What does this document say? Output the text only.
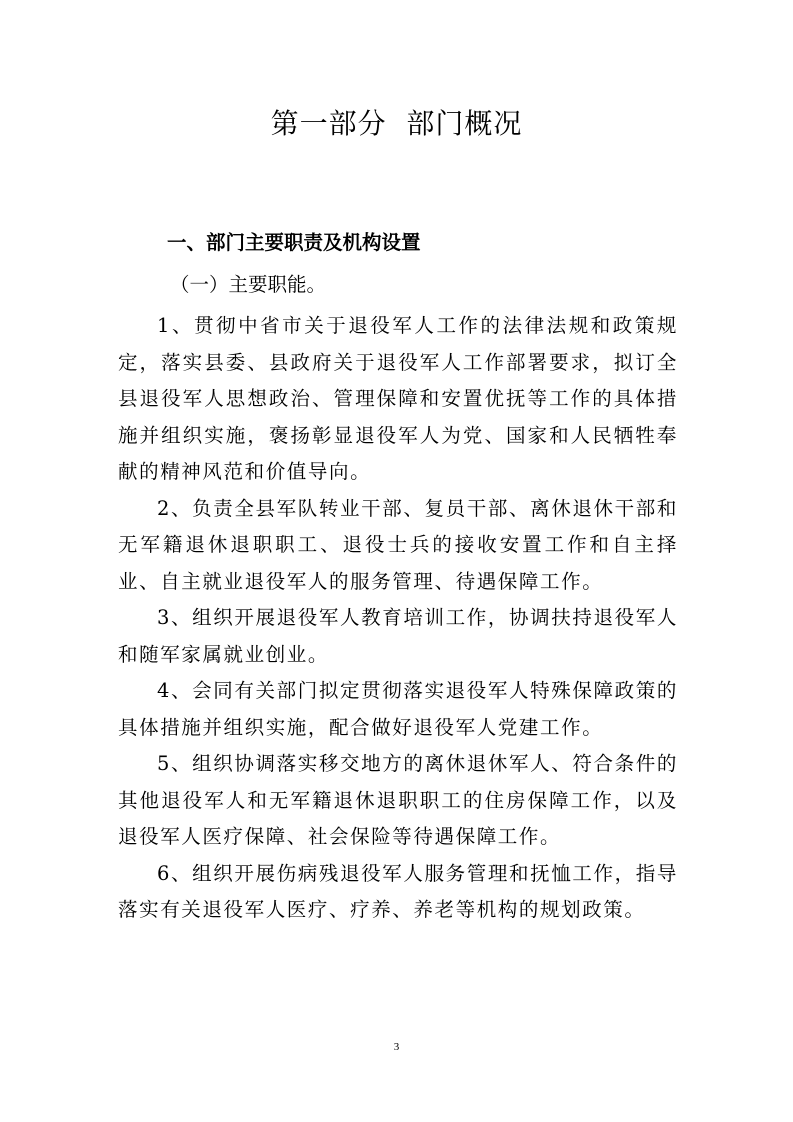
第一部分  部门概况
一、部门主要职责及机构设置
（一）主要职能。

1、贯彻中省市关于退役军人工作的法律法规和政策规定，落实县委、县政府关于退役军人工作部署要求，拟订全县退役军人思想政治、管理保障和安置优抚等工作的具体措施并组织实施，褒扬彰显退役军人为党、国家和人民牺牲奉献的精神风范和价值导向。

2、负责全县军队转业干部、复员干部、离休退休干部和无军籍退休退职职工、退役士兵的接收安置工作和自主择业、自主就业退役军人的服务管理、待遇保障工作。

3、组织开展退役军人教育培训工作，协调扶持退役军人和随军家属就业创业。

4、会同有关部门拟定贯彻落实退役军人特殊保障政策的具体措施并组织实施，配合做好退役军人党建工作。

5、组织协调落实移交地方的离休退休军人、符合条件的其他退役军人和无军籍退休退职职工的住房保障工作，以及退役军人医疗保障、社会保险等待遇保障工作。

6、组织开展伤病残退役军人服务管理和抚恤工作，指导落实有关退役军人医疗、疗养、养老等机构的规划政策。

3
